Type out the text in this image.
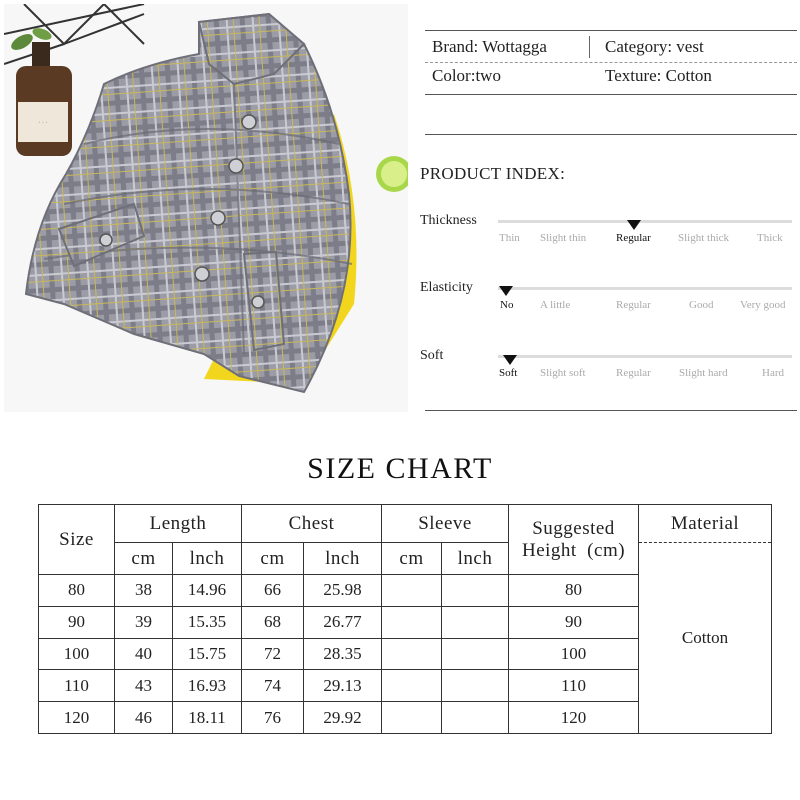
· · ·
Brand: Wottagga	Category: vest
Color:two	Texture: Cotton
PRODUCT INDEX:
Thickness
Thin Slight thin	Regular Slight thick	Thick
Elasticity
No A little	Regular	Good Very good
Soft
Soft Slight soft	Regular	Slight hard	Hard
SIZE CHART
Size	Length		Chest		Sleeve		Suggested
Height  (cm)	Material
	cm	lnch	cm	lnch	cm	lnch		Cotton
80	38	14.96	66	25.98			80	
90	39	15.35	68	26.77			90	
100	40	15.75	72	28.35			100	
110	43	16.93	74	29.13			110	
120	46	18.11	76	29.92			120	
